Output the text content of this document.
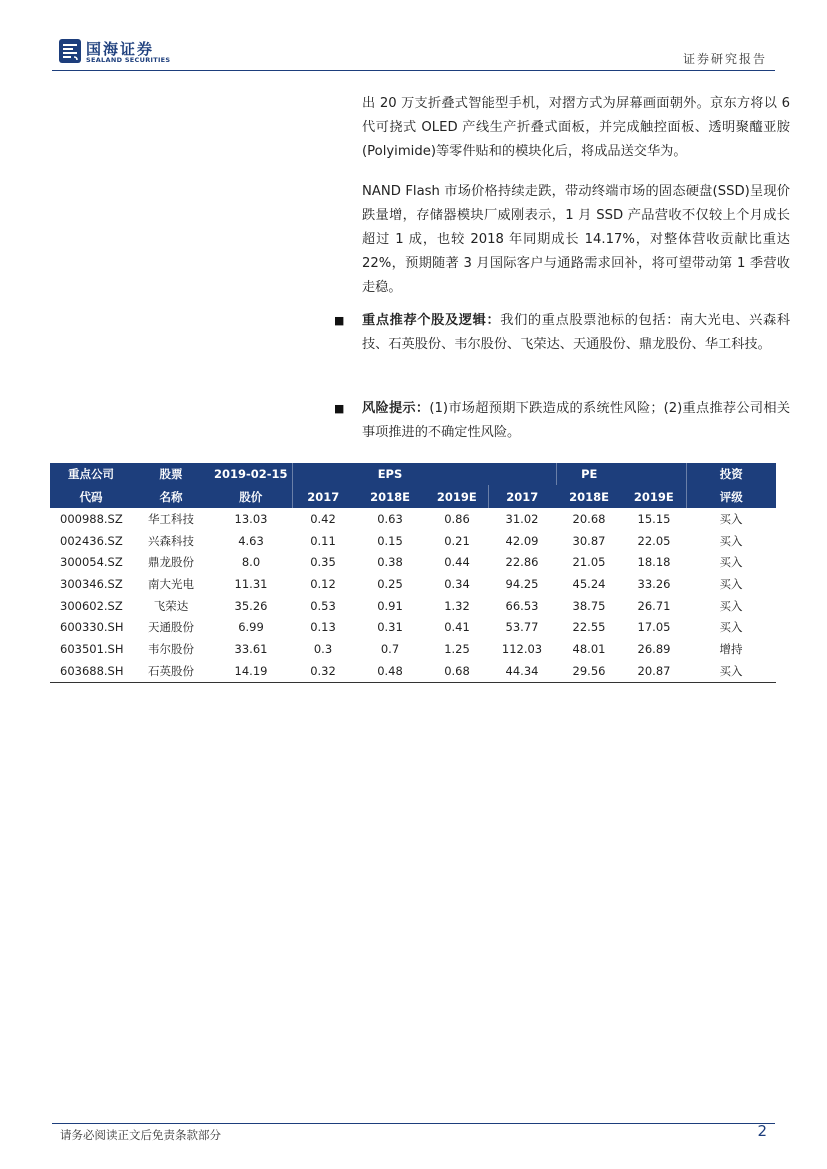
国海证券
SEALAND SECURITIES	证券研究报告

出 20 万支折叠式智能型手机，对摺方式为屏幕画面朝外。京东方将以 6 代可挠式 OLED 产线生产折叠式面板，并完成触控面板、透明聚醯亚胺(Polyimide)等零件贴和的模块化后，将成品送交华为。

NAND Flash 市场价格持续走跌，带动终端市场的固态硬盘(SSD)呈现价跌量增，存储器模块厂威刚表示，1 月 SSD 产品营收不仅较上个月成长超过 1 成，也较 2018 年同期成长 14.17%，对整体营收贡献比重达 22%，预期随著 3 月国际客户与通路需求回补，将可望带动第 1 季营收走稳。

■ 重点推荐个股及逻辑：我们的重点股票池标的包括：南大光电、兴森科技、石英股份、韦尔股份、飞荣达、天通股份、鼎龙股份、华工科技。

■ 风险提示：(1)市场超预期下跌造成的系统性风险；(2)重点推荐公司相关事项推进的不确定性风险。

重点公司	股票	2019-02-15		EPS			PE		投资
代码	名称	股价	2017	2018E	2019E	2017	2018E	2019E	评级
000988.SZ	华工科技	13.03	0.42	0.63	0.86	31.02	20.68	15.15	买入
002436.SZ	兴森科技	4.63	0.11	0.15	0.21	42.09	30.87	22.05	买入
300054.SZ	鼎龙股份	8.0	0.35	0.38	0.44	22.86	21.05	18.18	买入
300346.SZ	南大光电	11.31	0.12	0.25	0.34	94.25	45.24	33.26	买入
300602.SZ	飞荣达	35.26	0.53	0.91	1.32	66.53	38.75	26.71	买入
600330.SH	天通股份	6.99	0.13	0.31	0.41	53.77	22.55	17.05	买入
603501.SH	韦尔股份	33.61	0.3	0.7	1.25	112.03	48.01	26.89	增持
603688.SH	石英股份	14.19	0.32	0.48	0.68	44.34	29.56	20.87	买入
请务必阅读正文后免责条款部分	2
